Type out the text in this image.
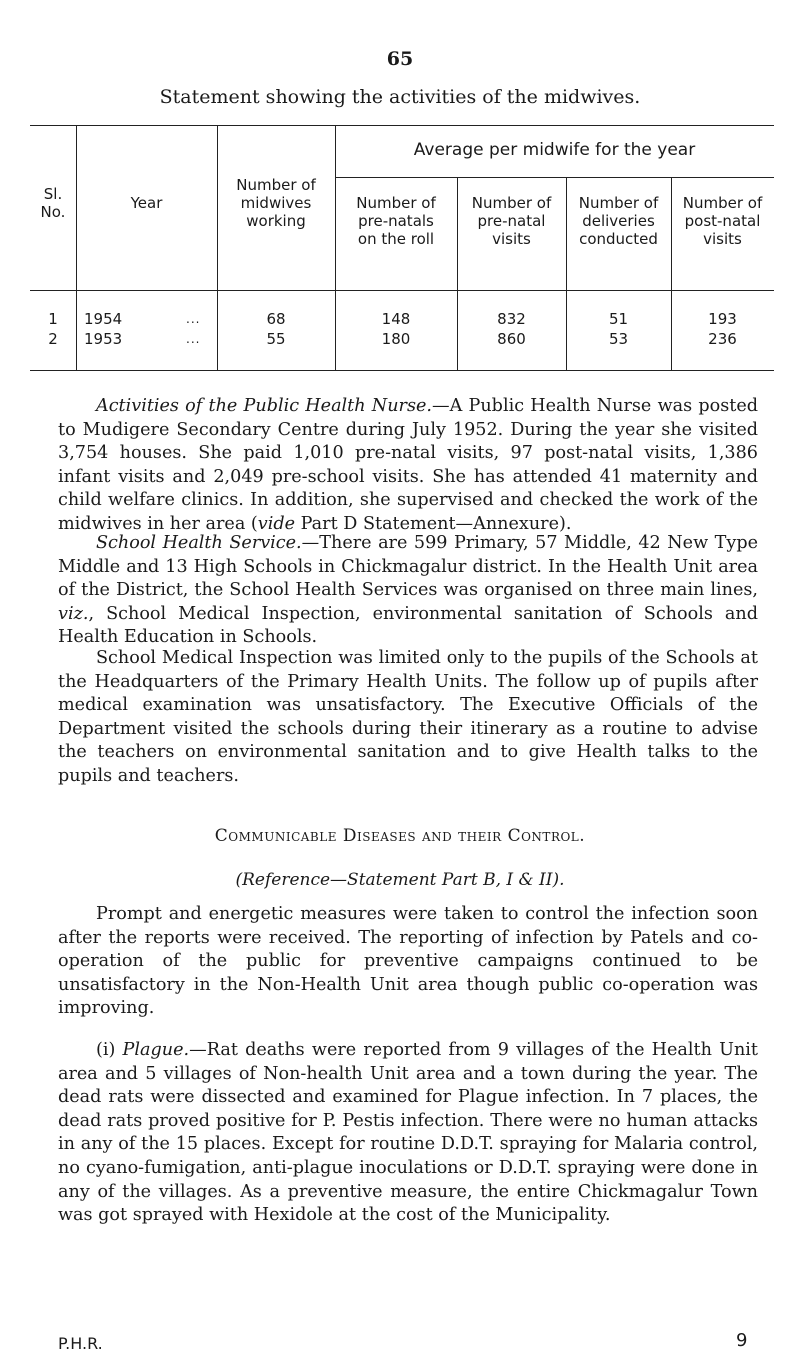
65
Statement showing the activities of the midwives.
Sl.
No.	Year
Number of
midwives
working
Average per midwife for the year
Number of
pre-natals
on the roll
Number of
pre-natal
visits
Number of
deliveries
conducted
Number of
post-natal
visits
1	1954	...	68	148	832	51	193
2	1953	...	55	180	860	53	236

Activities of the Public Health Nurse.—A Public Health Nurse was posted to Mudigere Secondary Centre during July 1952. During the year she visited 3,754 houses. She paid 1,010 pre-natal visits, 97 post-natal visits, 1,386 infant visits and 2,049 pre-school visits. She has attended 41 maternity and child welfare clinics. In addition, she supervised and checked the work of the midwives in her area (vide Part D Statement—Annexure).

School Health Service.—There are 599 Primary, 57 Middle, 42 New Type Middle and 13 High Schools in Chickmagalur district. In the Health Unit area of the District, the School Health Services was organised on three main lines, viz., School Medical Inspection, environmental sanitation of Schools and Health Education in Schools.

School Medical Inspection was limited only to the pupils of the Schools at the Headquarters of the Primary Health Units. The follow up of pupils after medical examination was unsatisfactory. The Executive Officials of the Department visited the schools during their itinerary as a routine to advise the teachers on environmental sanitation and to give Health talks to the pupils and teachers.

Communicable Diseases and their Control.
(Reference—Statement Part B, I & II).

Prompt and energetic measures were taken to control the infection soon after the reports were received. The reporting of infection by Patels and co-operation of the public for preventive campaigns continued to be unsatisfactory in the Non-Health Unit area though public co-operation was improving.

(i) Plague.—Rat deaths were reported from 9 villages of the Health Unit area and 5 villages of Non-health Unit area and a town during the year. The dead rats were dissected and examined for Plague infection. In 7 places, the dead rats proved positive for P. Pestis infection. There were no human attacks in any of the 15 places. Except for routine D.D.T. spraying for Malaria control, no cyano-fumigation, anti-plague inoculations or D.D.T. spraying were done in any of the villages. As a preventive measure, the entire Chickmagalur Town was got sprayed with Hexidole at the cost of the Municipality.

P.H.R.	9
